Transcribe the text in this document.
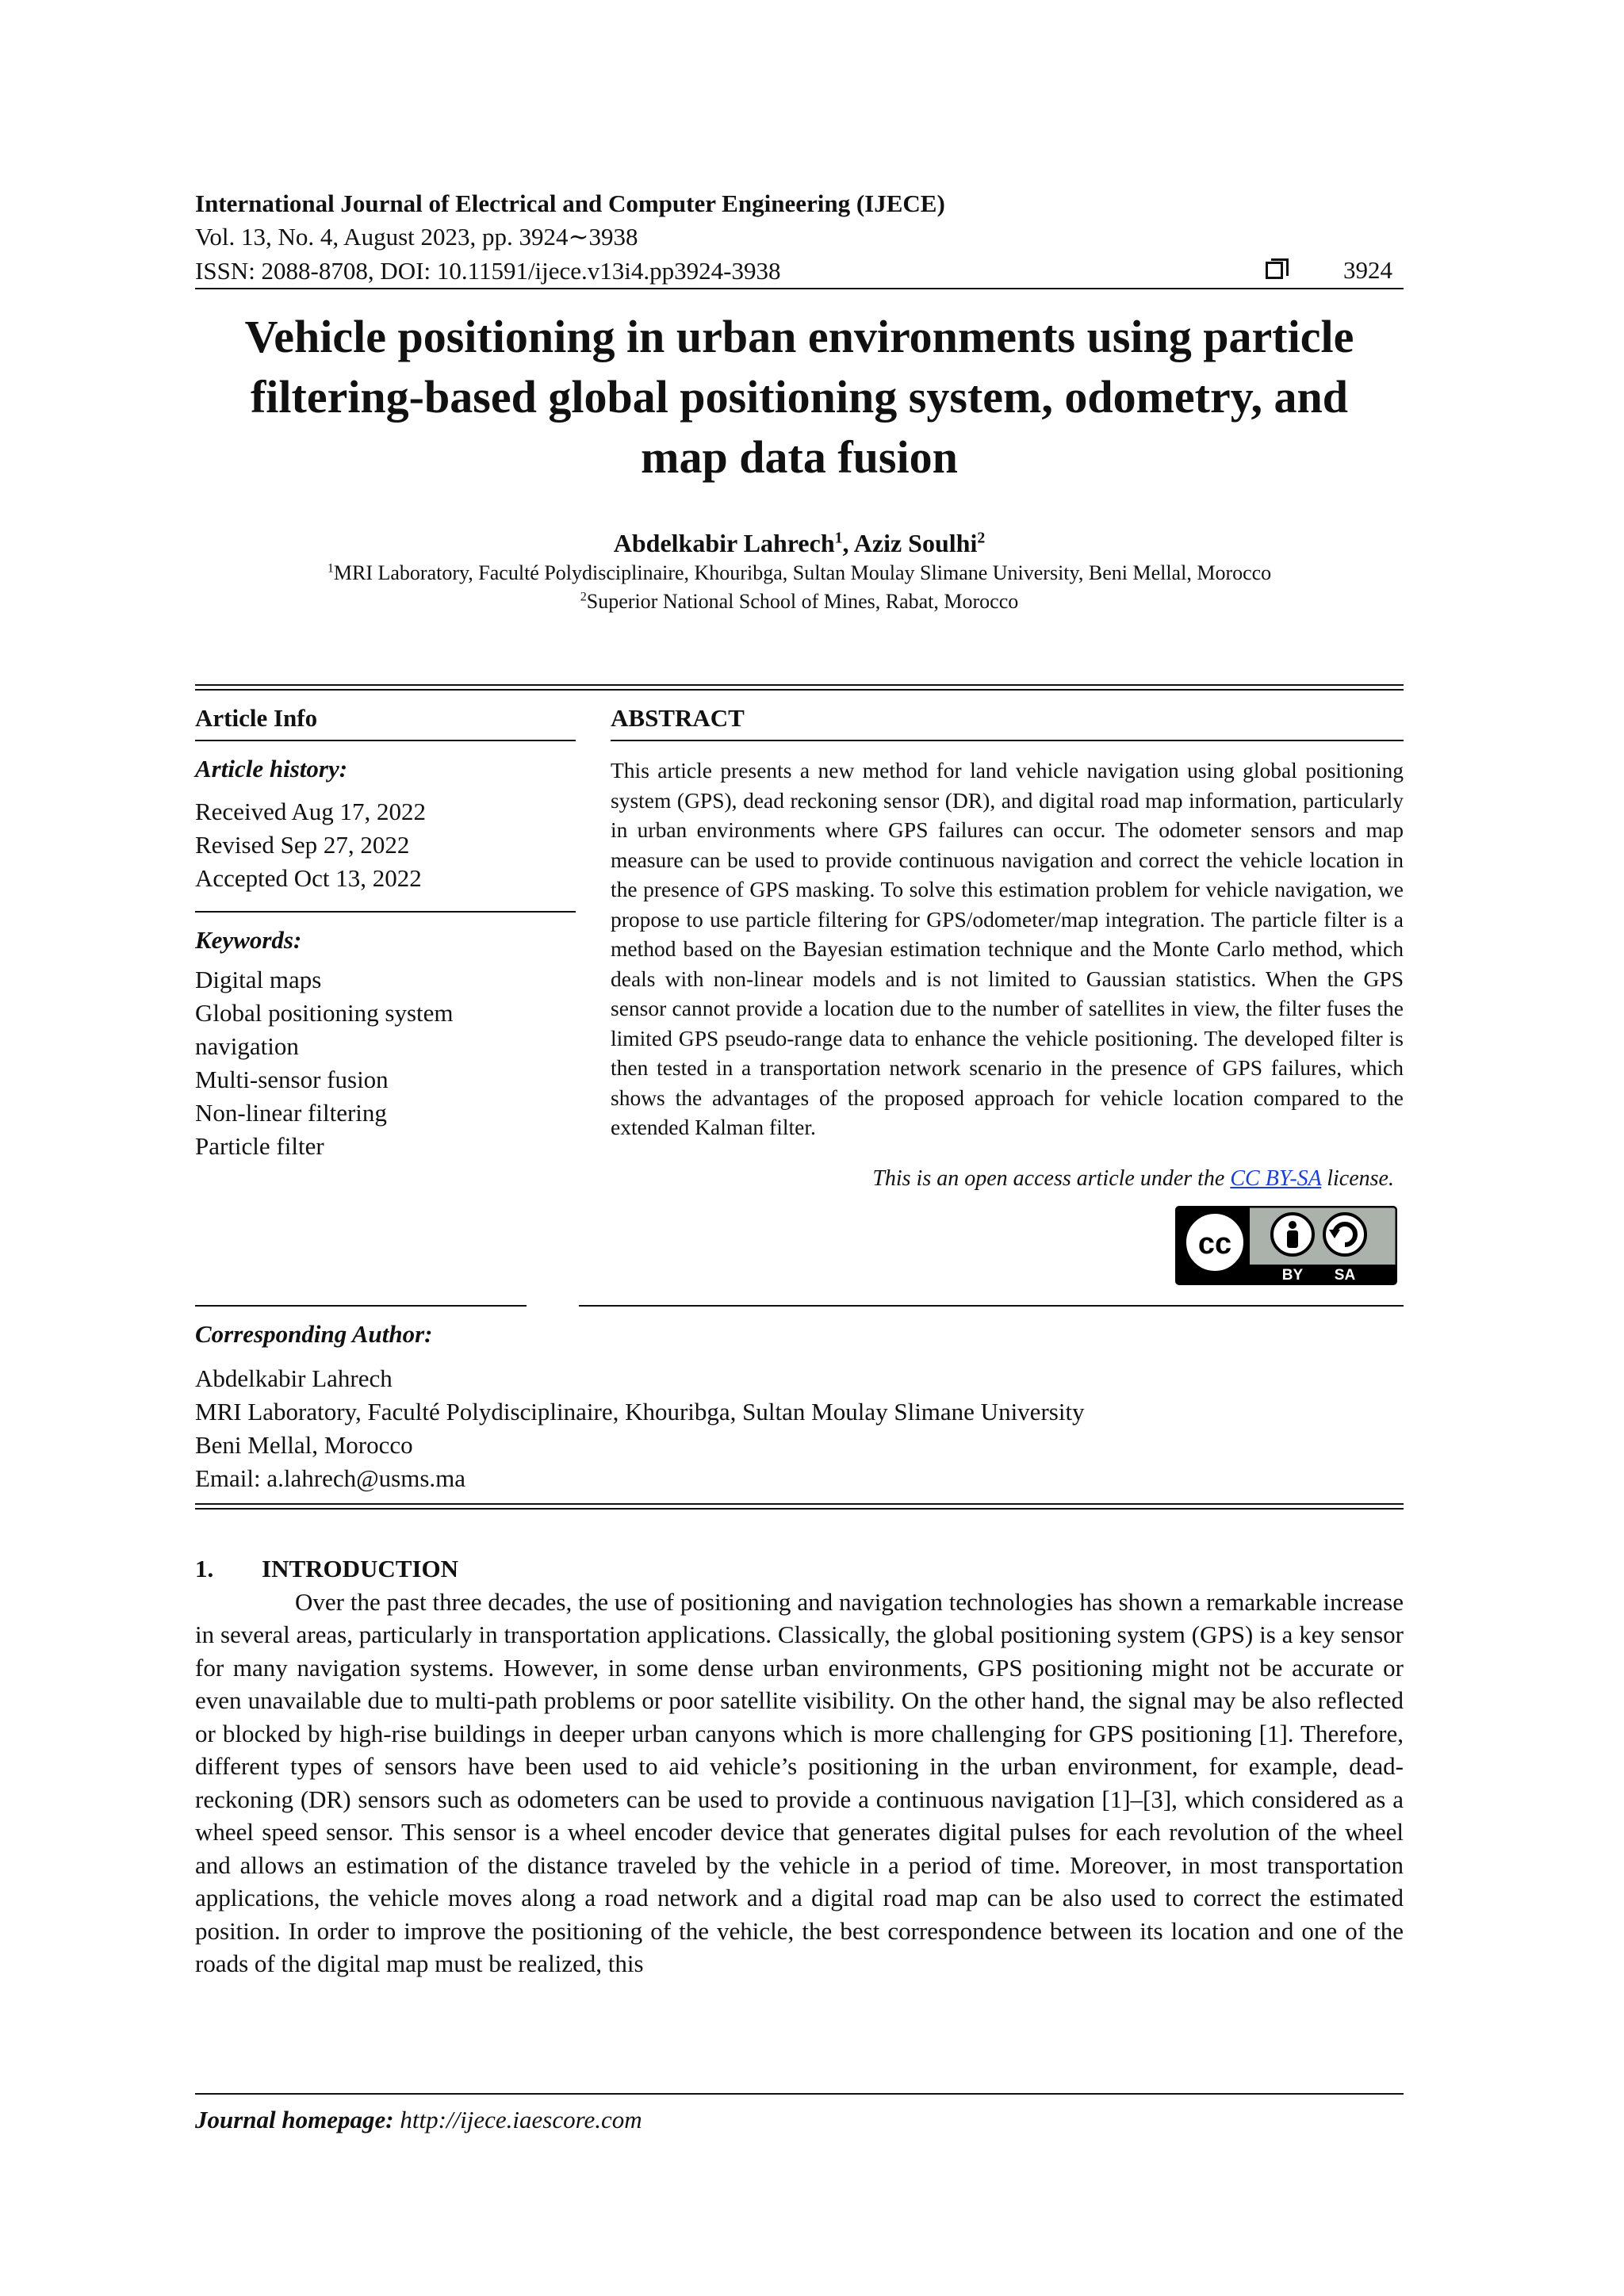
International Journal of Electrical and Computer Engineering (IJECE)
Vol. 13, No. 4, August 2023, pp. 3924∼3938
ISSN: 2088-8708, DOI: 10.11591/ijece.v13i4.pp3924-3938	3924
Vehicle positioning in urban environments using particle filtering-based global positioning system, odometry, and map data fusion
Abdelkabir Lahrech$^1$, Aziz Soulhi$^2$
$^1$MRI Laboratory, Faculté Polydisciplinaire, Khouribga, Sultan Moulay Slimane University, Beni Mellal, Morocco
$^2$Superior National School of Mines, Rabat, Morocco
Article Info
Article history:
Received Aug 17, 2022
Revised Sep 27, 2022
Accepted Oct 13, 2022
Keywords:
Digital maps
Global positioning system
navigation
Multi-sensor fusion
Non-linear filtering
Particle filter
ABSTRACT

This article presents a new method for land vehicle navigation using global positioning system (GPS), dead reckoning sensor (DR), and digital road map information, particularly in urban environments where GPS failures can occur. The odometer sensors and map measure can be used to provide continuous navigation and correct the vehicle location in the presence of GPS masking. To solve this estimation problem for vehicle navigation, we propose to use particle filtering for GPS/odometer/map integration. The particle filter is a method based on the Bayesian estimation technique and the Monte Carlo method, which deals with non-linear models and is not limited to Gaussian statistics. When the GPS sensor cannot provide a location due to the number of satellites in view, the filter fuses the limited GPS pseudo-range data to enhance the vehicle positioning. The developed filter is then tested in a transportation network scenario in the presence of GPS failures, which shows the advantages of the proposed approach for vehicle location compared to the extended Kalman filter.

This is an open access article under the CC BY-SA license.
cc
BY SA
Corresponding Author:
Abdelkabir Lahrech
MRI Laboratory, Faculté Polydisciplinaire, Khouribga, Sultan Moulay Slimane University
Beni Mellal, Morocco
Email: a.lahrech@usms.ma
1. INTRODUCTION

Over the past three decades, the use of positioning and navigation technologies has shown a remarkable increase in several areas, particularly in transportation applications. Classically, the global positioning system (GPS) is a key sensor for many navigation systems. However, in some dense urban environments, GPS positioning might not be accurate or even unavailable due to multi-path problems or poor satellite visibility. On the other hand, the signal may be also reflected or blocked by high-rise buildings in deeper urban canyons which is more challenging for GPS positioning [1]. Therefore, different types of sensors have been used to aid vehicle’s positioning in the urban environment, for example, dead-reckoning (DR) sensors such as odometers can be used to provide a continuous navigation [1]–[3], which considered as a wheel speed sensor. This sensor is a wheel encoder device that generates digital pulses for each revolution of the wheel and allows an estimation of the distance traveled by the vehicle in a period of time. Moreover, in most transportation applications, the vehicle moves along a road network and a digital road map can be also used to correct the estimated position. In order to improve the positioning of the vehicle, the best correspondence between its location and one of the roads of the digital map must be realized, this

Journal homepage: http://ijece.iaescore.com
